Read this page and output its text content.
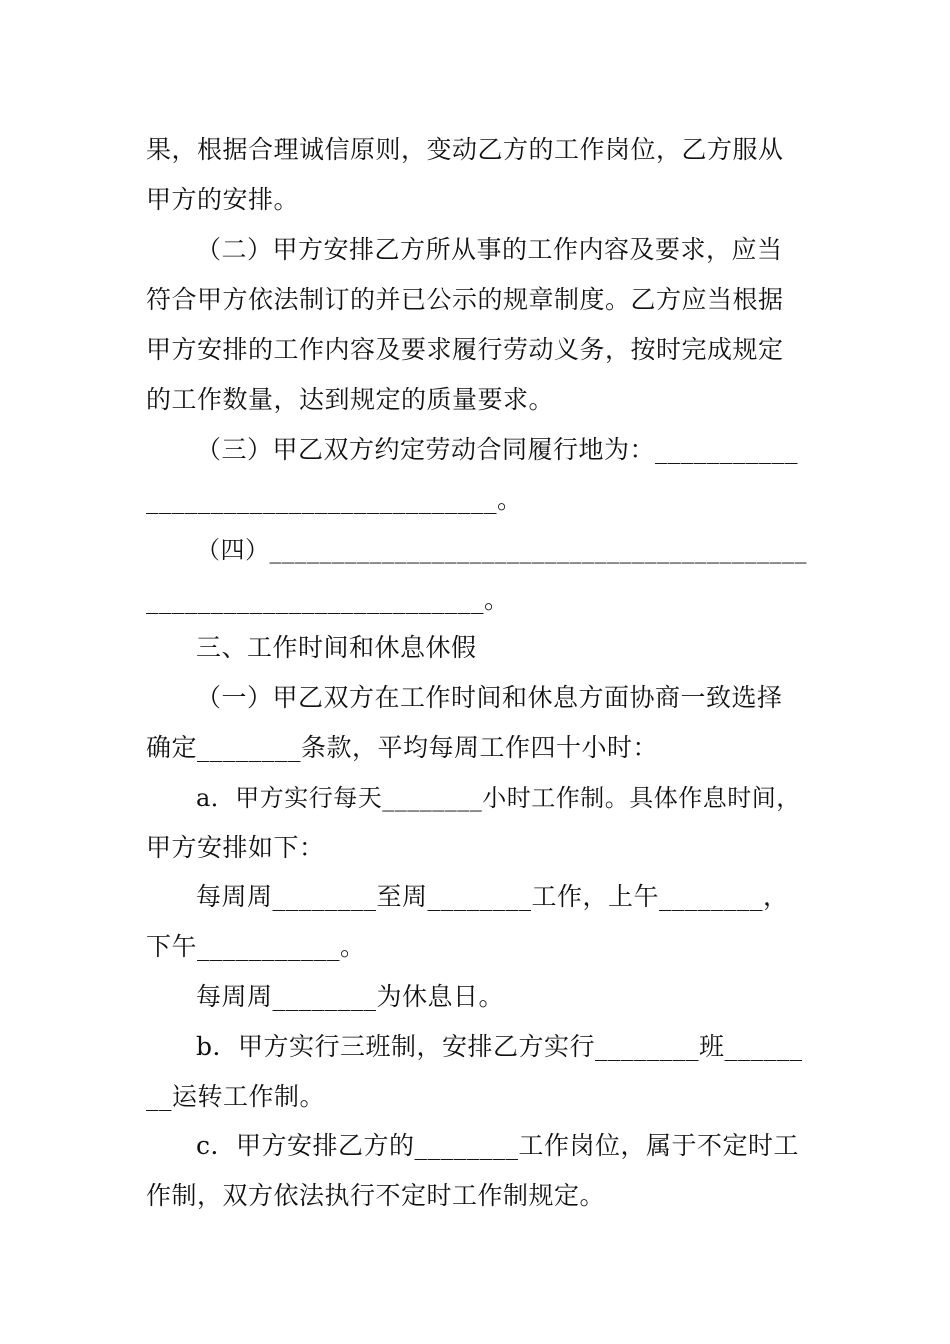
果，根据合理诚信原则，变动乙方的工作岗位，乙方服从
甲方的安排。
（二）甲方安排乙方所从事的工作内容及要求，应当
符合甲方依法制订的并已公示的规章制度。乙方应当根据
甲方安排的工作内容及要求履行劳动义务，按时完成规定
的工作数量，达到规定的质量要求。
（三）甲乙双方约定劳动合同履行地为：___________
___________________________。
（四）___________________________________________
__________________________。
三、工作时间和休息休假
（一）甲乙双方在工作时间和休息方面协商一致选择
确定________条款，平均每周工作四十小时：
a．甲方实行每天________小时工作制。具体作息时间，
甲方安排如下：
每周周________至周________工作，上午________，
下午___________。
每周周________为休息日。
b．甲方实行三班制，安排乙方实行________班______
__运转工作制。
c．甲方安排乙方的________工作岗位，属于不定时工
作制，双方依法执行不定时工作制规定。
